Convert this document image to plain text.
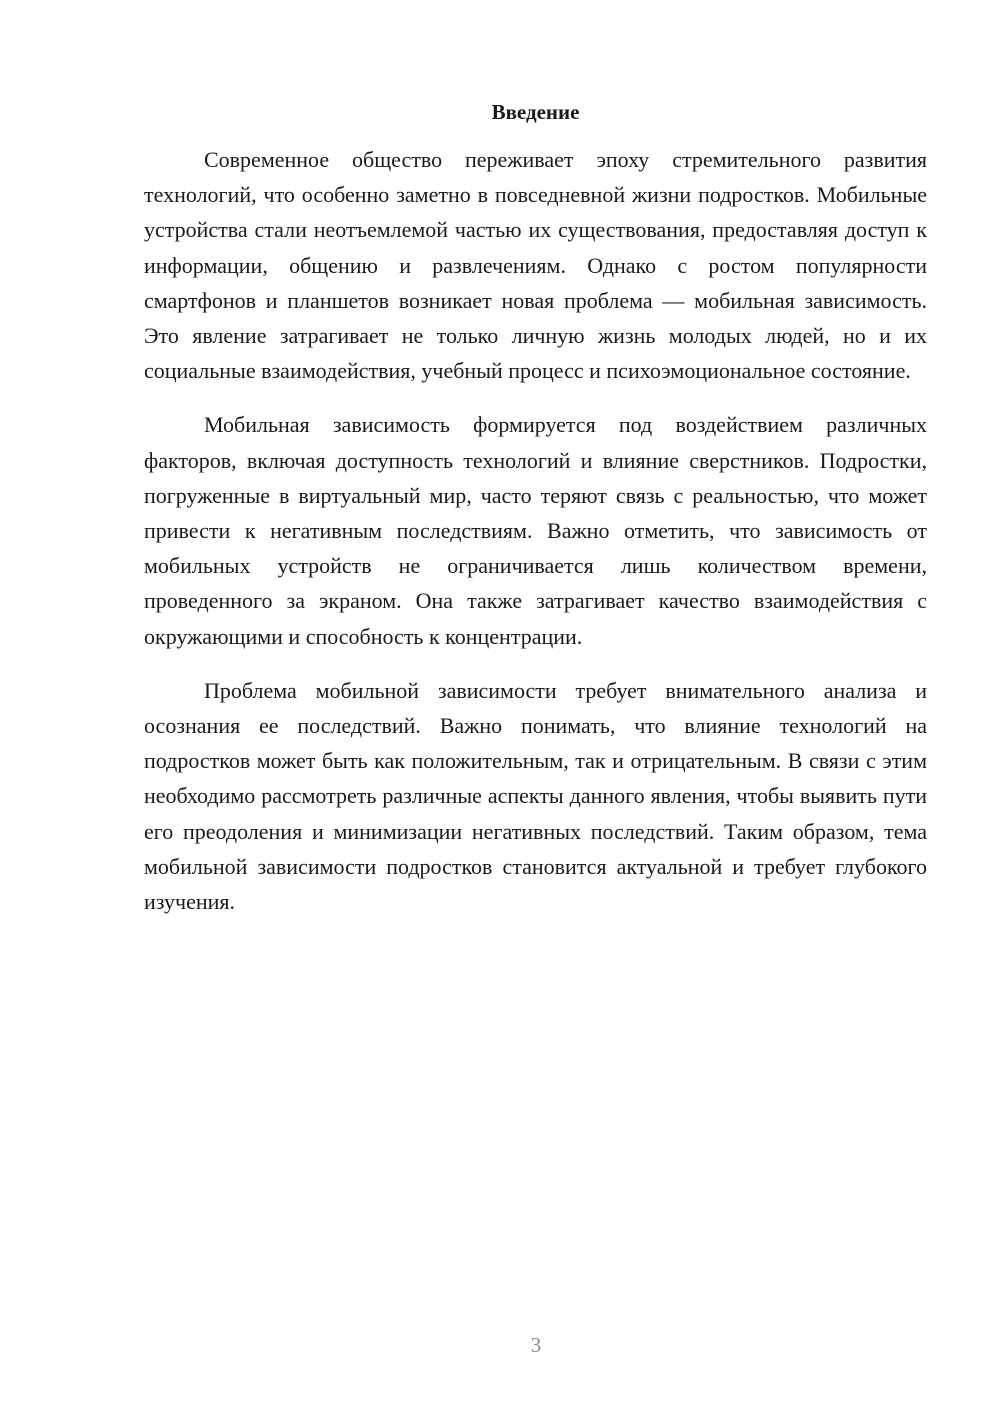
Введение

Современное общество переживает эпоху стремительного развития технологий, что особенно заметно в повседневной жизни подростков. Мобильные устройства стали неотъемлемой частью их существования, предоставляя доступ к информации, общению и развлечениям. Однако с ростом популярности смартфонов и планшетов возникает новая проблема — мобильная зависимость. Это явление затрагивает не только личную жизнь молодых людей, но и их социальные взаимодействия, учебный процесс и психоэмоциональное состояние.

Мобильная зависимость формируется под воздействием различных факторов, включая доступность технологий и влияние сверстников. Подростки, погруженные в виртуальный мир, часто теряют связь с реальностью, что может привести к негативным последствиям. Важно отметить, что зависимость от мобильных устройств не ограничивается лишь количеством времени, проведенного за экраном. Она также затрагивает качество взаимодействия с окружающими и способность к концентрации.

Проблема мобильной зависимости требует внимательного анализа и осознания ее последствий. Важно понимать, что влияние технологий на подростков может быть как положительным, так и отрицательным. В связи с этим необходимо рассмотреть различные аспекты данного явления, чтобы выявить пути его преодоления и минимизации негативных последствий. Таким образом, тема мобильной зависимости подростков становится актуальной и требует глубокого изучения.

3
